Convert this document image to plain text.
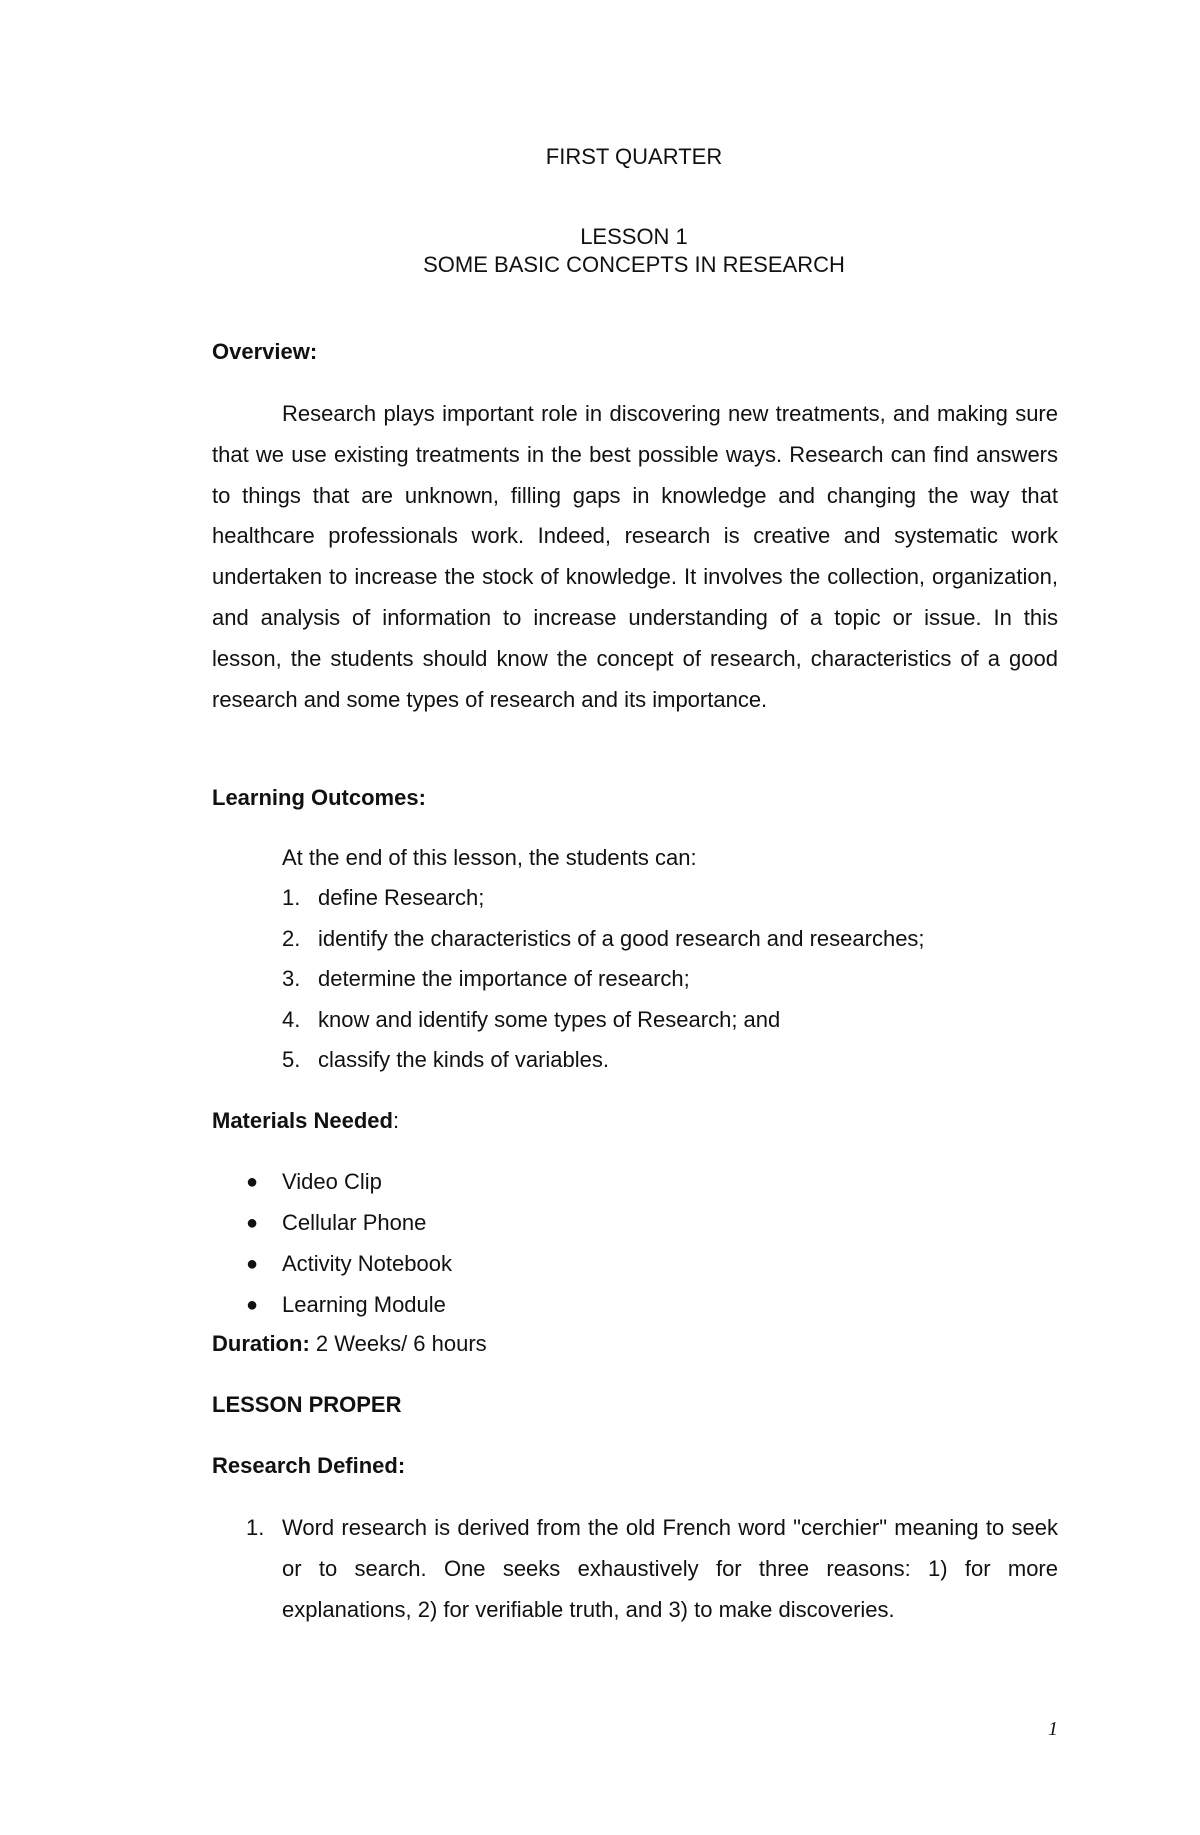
FIRST QUARTER
LESSON 1
SOME BASIC CONCEPTS IN RESEARCH
Overview:

Research plays important role in discovering new treatments, and making sure that we use existing treatments in the best possible ways. Research can find answers to things that are unknown, filling gaps in knowledge and changing the way that healthcare professionals work. Indeed, research is creative and systematic work undertaken to increase the stock of knowledge. It involves the collection, organization, and analysis of information to increase understanding of a topic or issue. In this lesson, the students should know the concept of research, characteristics of a good research and some types of research and its importance.

Learning Outcomes:
At the end of this lesson, the students can:
1. define Research;
2. identify the characteristics of a good research and researches;
3. determine the importance of research;
4. know and identify some types of Research; and
5. classify the kinds of variables.
Materials Needed:
●	Video Clip
●	Cellular Phone
●	Activity Notebook
●	Learning Module
Duration: 2 Weeks/ 6 hours
LESSON PROPER
Research Defined:
1. Word research is derived from the old French word "cerchier" meaning to seek or to search. One seeks exhaustively for three reasons: 1) for more explanations, 2) for verifiable truth, and 3) to make discoveries.
1
